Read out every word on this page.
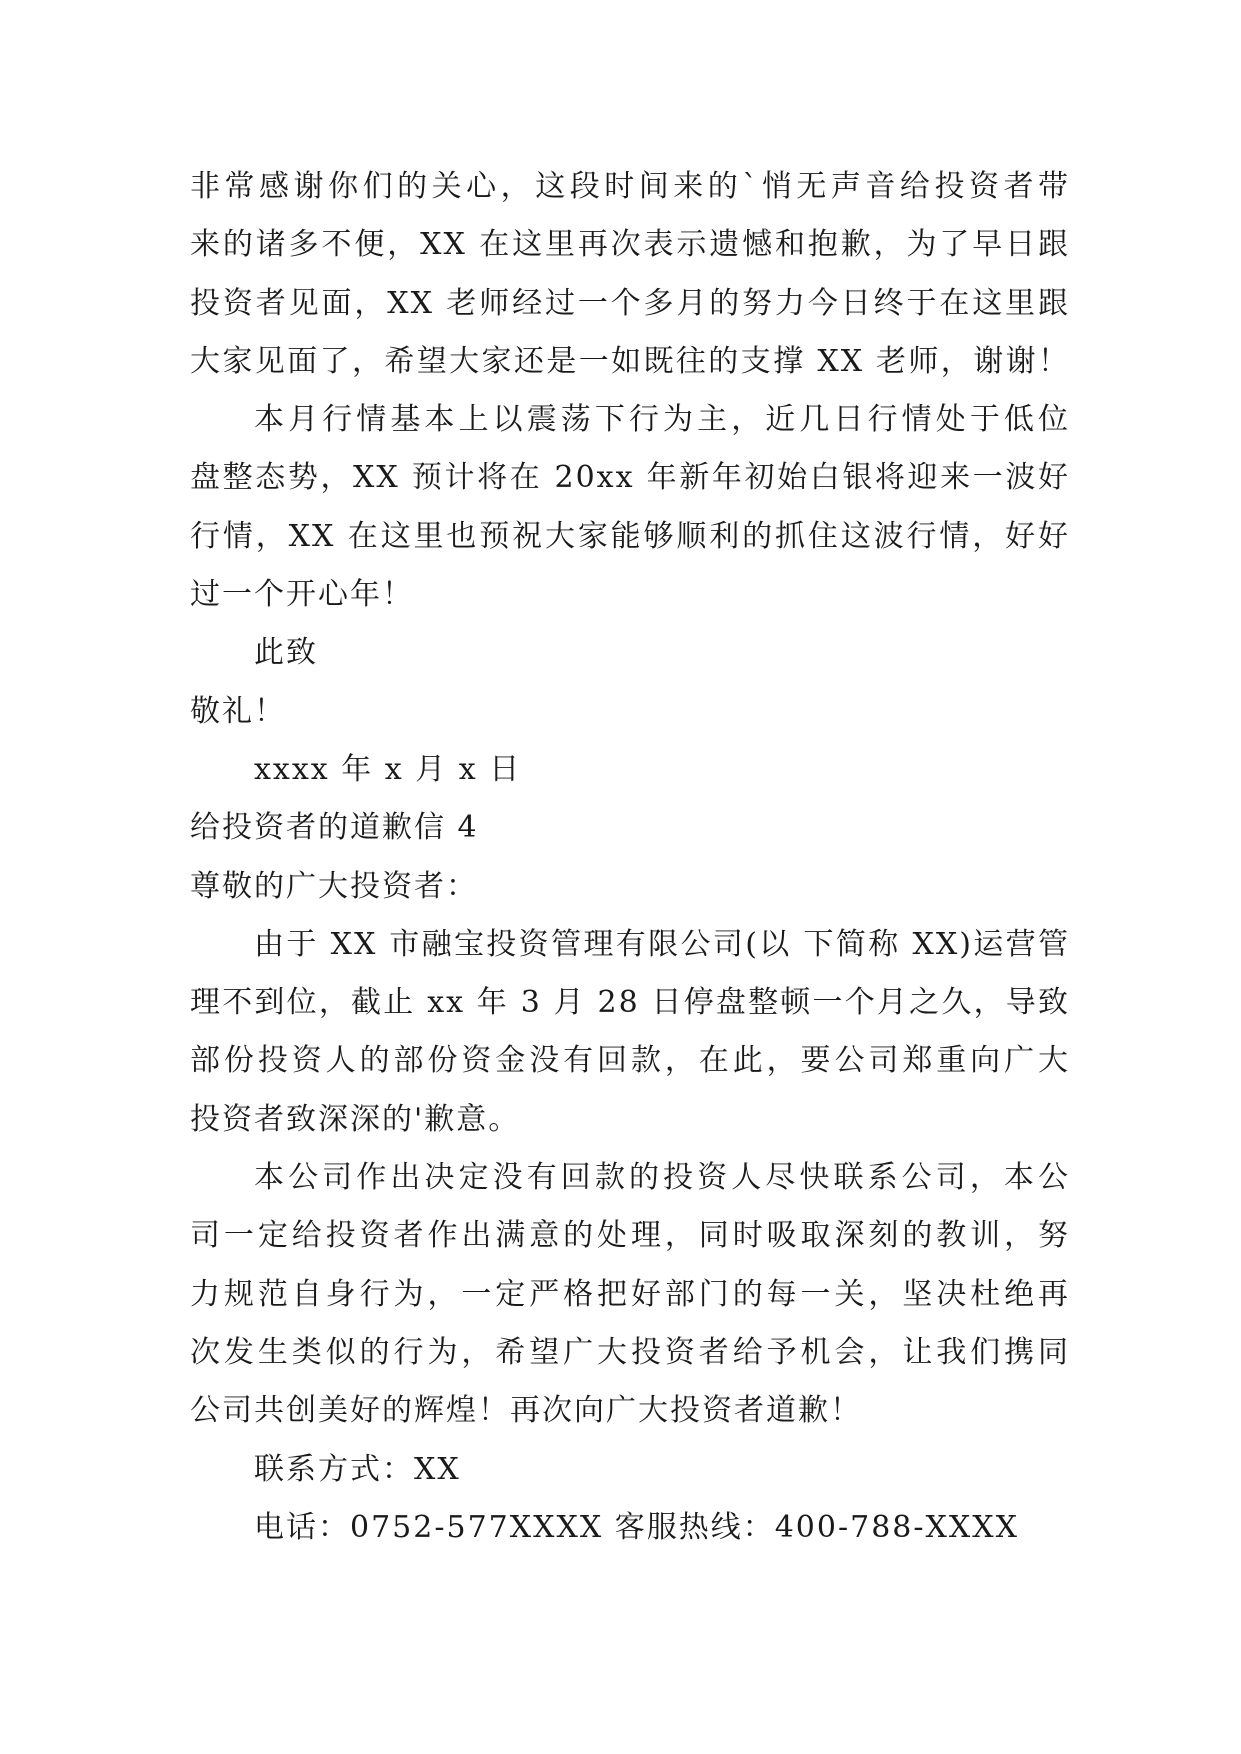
非常感谢你们的关心，这段时间来的`悄无声音给投资者带
来的诸多不便，XX 在这里再次表示遗憾和抱歉，为了早日跟
投资者见面，XX 老师经过一个多月的努力今日终于在这里跟
大家见面了，希望大家还是一如既往的支撑 XX 老师，谢谢！
本月行情基本上以震荡下行为主，近几日行情处于低位
盘整态势，XX 预计将在 20xx 年新年初始白银将迎来一波好
行情，XX 在这里也预祝大家能够顺利的抓住这波行情，好好
过一个开心年！
此致
敬礼！
xxxx 年 x 月 x 日
给投资者的道歉信 4
尊敬的广大投资者：
由于 XX 市融宝投资管理有限公司(以 下简称 XX)运营管
理不到位，截止 xx 年 3 月 28 日停盘整顿一个月之久，导致
部份投资人的部份资金没有回款，在此，要公司郑重向广大
投资者致深深的'歉意。
本公司作出决定没有回款的投资人尽快联系公司，本公
司一定给投资者作出满意的处理，同时吸取深刻的教训，努
力规范自身行为，一定严格把好部门的每一关，坚决杜绝再
次发生类似的行为，希望广大投资者给予机会，让我们携同
公司共创美好的辉煌！再次向广大投资者道歉！
联系方式：XX
电话：0752-577XXXX 客服热线：400-788-XXXX
